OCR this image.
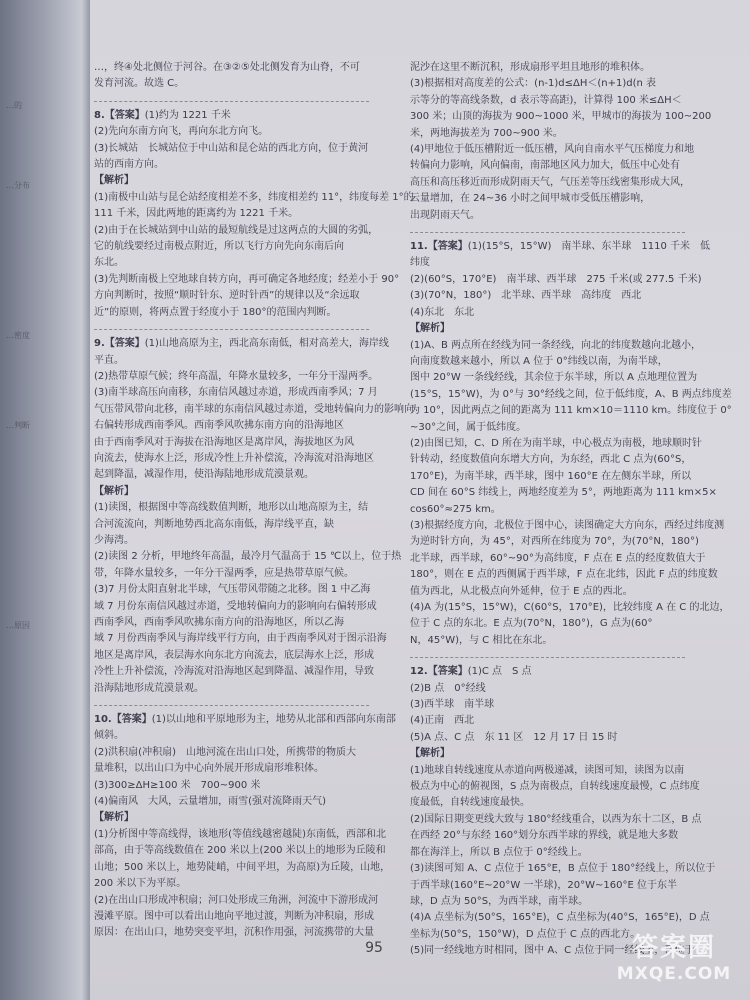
…的
…分布
…密度
…判断
…原因
…，终④处北侧位于河谷。在③②⑤处北侧发育为山脊，不可
发育河流。故选 C。
8.【答案】(1)约为 1221 千米
(2)先向东南方向飞，再向东北方向飞。
(3)长城站　长城站位于中山站和昆仑站的西北方向，位于黄河
站的西南方向。
【解析】
(1)南极中山站与昆仑站经度相差不多，纬度相差约 11°，纬度每差 1°的
111 千米，因此两地的距离约为 1221 千米。
(2)由于在长城站到中山站的最短航线是过这两点的大圆的劣弧，
它的航线要经过南极点附近，所以飞行方向先向东南后向
东北。
(3)先判断南极上空地球自转方向，再可确定各地经度；经差小于 90°
方向判断时，按照“顺时针东、逆时针西”的规律以及“余远取
近”的原则，将两点置于经度小于 180°的范围内判断。
9.【答案】(1)山地高原为主，西北高东南低，相对高差大，海岸线
平直。
(2)热带草原气候；终年高温，年降水量较多，一年分干湿两季。
(3)南半球高压向南移，东南信风越过赤道，形成西南季风；7 月
气压带风带向北移，南半球的东南信风越过赤道，受地转偏向力的影响向
右偏转形成西南季风。西南季风吹拂东南方向的沿海地区
由于西南季风对于海拔在沿海地区是离岸风，海拔地区为风
向流去，使海水上泛，形成冷性上升补偿流，冷海流对沿海地区
起到降温，减湿作用，使沿海陆地形成荒漠景观。
【解析】
(1)读图，根据图中等高线数值判断，地形以山地高原为主，结
合河流流向，判断地势西北高东南低，海岸线平直，缺
少海湾。
(2)读图 2 分析，甲地终年高温，最冷月气温高于 15 ℃以上，位于热
带，年降水量较多，一年分干湿两季，应是热带草原气候。
(3)7 月份太阳直射北半球，气压带风带随之北移。图 1 中乙海
域 7 月份东南信风越过赤道，受地转偏向力的影响向右偏转形成
西南季风，西南季风吹拂东南方向的沿海地区，所以乙海
域 7 月份西南季风与海岸线平行方向，由于西南季风对于图示沿海
地区是离岸风，表层海水向东北方向流去，底层海水上泛，形成
冷性上升补偿流，冷海流对沿海地区起到降温、减湿作用，导致
沿海陆地形成荒漠景观。
10.【答案】(1)以山地和平原地形为主，地势从北部和西部向东南部
倾斜。
(2)洪积扇(冲积扇)　山地河流在出山口处，所携带的物质大
量堆积，以出山口为中心向外展开形成扇形堆积体。
(3)300≥ΔH≥100 米　700~900 米
(4)偏南风　大风，云量增加，雨雪(强对流降雨天气)
【解析】
(1)分析图中等高线得，该地形(等值线越密越陡)东南低，西部和北
部高，由于等高线数值在 200 米以上(200 米以上的地形为丘陵和
山地；500 米以上，地势陡峭，中间平坦，为高原)为丘陵，山地，
200 米以下为平原。
(2)在出山口形成冲积扇；河口处形成三角洲，河流中下游形成河
漫滩平原。图中可以看出山地向平地过渡，判断为冲积扇，形成
原因：在出山口，地势突变平坦，沉积作用强，河流携带的大量
泥沙在这里不断沉积，形成扇形平坦且地形的堆积体。
(3)根据相对高度差的公式：(n-1)d≤ΔH＜(n+1)d(n 表
示等分的等高线条数，d 表示等高距)，计算得 100 米≤ΔH＜
300 米；山顶的海拔为 900~1000 米，甲城市的海拔为 100~200
米，两地海拔差为 700~900 米。
(4)甲地位于低压槽附近一低压槽，风向自南水平气压梯度力和地
转偏向力影响，风向偏南，南部地区风力加大，低压中心处有
高压和高压移近而形成阴雨天气，气压差等压线密集形成大风，
云量增加，在 24~36 小时之间甲城市受低压槽影响，
出现阴雨天气。
11.【答案】(1)(15°S，15°W)　南半球、东半球　1110 千米　低
纬度
(2)(60°S，170°E)　南半球、西半球　275 千米(或 277.5 千米)
(3)(70°N，180°)　北半球、西半球　高纬度　西北
(4)东北　东北
【解析】
(1)A、B 两点所在经线为同一条经线，向北的纬度数越向北越小，
向南度数越来越小，所以 A 位于 0°纬线以南，为南半球，
图中 20°W 一条线经线，其余位于东半球，所以 A 点地理位置为
(15°S，15°W)，为 0°与 30°经线之间，位于低纬度，A、B 两点纬度差
为 10°，因此两点之间的距离为 111 km×10＝1110 km。纬度位于 0°
~30°之间，属于低纬度。
(2)由图已知，C、D 所在为南半球，中心极点为南极，地球顺时针
针转动，经度数值向东增大方向，为东经，西北 C 点为(60°S，
170°E)，为南半球，西半球，图中 160°E 在左侧东半球，所以
CD 间在 60°S 纬线上，两地经度差为 5°，两地距离为 111 km×5×
cos60°≈275 km。
(3)根据经度方向，北极位于图中心，读图确定大方向东，西经过纬度测
为逆时针方向，为 45°，对西所在纬度为 70°，为(70°N，180°)
北半球，西半球，60°~90°为高纬度，F 点在 E 点的经度数值大于
180°，则在 E 点的西侧属于西半球，F 点在北纬，因此 F 点的纬度数
值为西北，从北极点向外延伸，位于 E 点的西北。
(4)A 为(15°S，15°W)，C(60°S，170°E)，比较纬度 A 在 C 的北边，
位于 C 点的东北。E 点为(70°N，180°)，G 点为(60°
N，45°W)，与 C 相比在东北。
12.【答案】(1)C 点　S 点
(2)B 点　0°经线
(3)西半球　南半球
(4)正南　西北
(5)A 点、C 点　东 11 区　12 月 17 日 15 时
【解析】
(1)地球自转线速度从赤道向两极递减，读图可知，读图为以南
极点为中心的俯视图，S 点为南极点，自转线速度最慢，C 点纬度
度最低，自转线速度最快。
(2)国际日期变更线大致与 180°经线重合，以西为东十二区，B 点
在西经 20°与东经 160°划分东西半球的界线，就是地大多数
都在海洋上，所以 B 点位于 0°经线上。
(3)读图可知 A、C 点位于 165°E，B 点位于 180°经线上，所以位于
于西半球(160°E~20°W 一半球)，20°W~160°E 位于东半
球，D 点为 50°S，为西半球，南半球。
(4)A 点坐标为(50°S，165°E)，C 点坐标为(40°S，165°E)，D 点
坐标为(50°S，150°W)，D 点位于 C 点的西北方。
(5)同一经线地方时相同，图中 A、C 点位于同一经线上，都位于
95	答案圈
MXQE.COM
